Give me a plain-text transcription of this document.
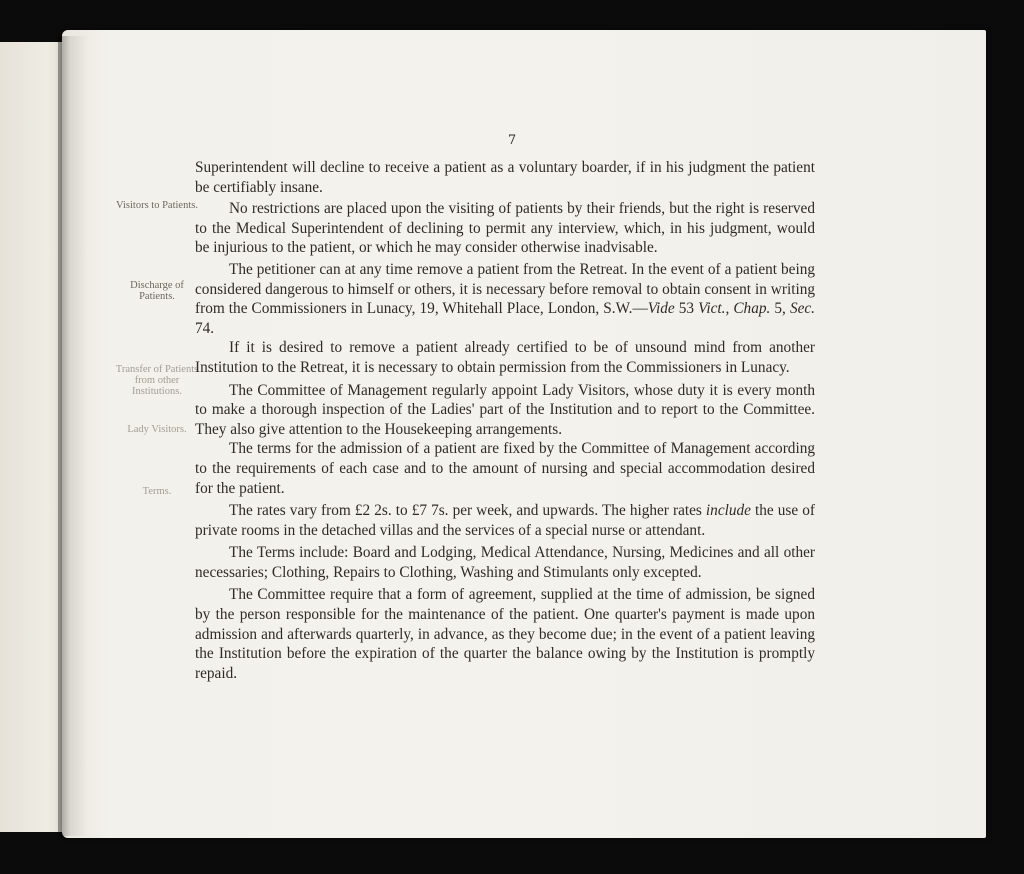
7
Visitors to Patients.
Discharge of Patients.
Transfer of Patients from other Institutions.
Lady Visitors.
Terms.

Superintendent will decline to receive a patient as a voluntary boarder, if in his judgment the patient be certifiably insane.

No restrictions are placed upon the visiting of patients by their friends, but the right is reserved to the Medical Superintendent of declining to permit any interview, which, in his judgment, would be injurious to the patient, or which he may consider otherwise inadvisable.

The petitioner can at any time remove a patient from the Retreat. In the event of a patient being considered dangerous to himself or others, it is necessary before removal to obtain consent in writing from the Commissioners in Lunacy, 19, Whitehall Place, London, S.W.—Vide 53 Vict., Chap. 5, Sec. 74.

If it is desired to remove a patient already certified to be of unsound mind from another Institution to the Retreat, it is necessary to obtain permission from the Commissioners in Lunacy.

The Committee of Management regularly appoint Lady Visitors, whose duty it is every month to make a thorough inspection of the Ladies' part of the Institution and to report to the Committee. They also give attention to the Housekeeping arrangements.

The terms for the admission of a patient are fixed by the Committee of Management according to the requirements of each case and to the amount of nursing and special accommodation desired for the patient.

The rates vary from £2 2s. to £7 7s. per week, and upwards. The higher rates include the use of private rooms in the detached villas and the services of a special nurse or attendant.

The Terms include: Board and Lodging, Medical Attendance, Nursing, Medicines and all other necessaries; Clothing, Repairs to Clothing, Washing and Stimulants only excepted.

The Committee require that a form of agreement, supplied at the time of admission, be signed by the person responsible for the maintenance of the patient. One quarter's payment is made upon admission and afterwards quarterly, in advance, as they become due; in the event of a patient leaving the Institution before the expiration of the quarter the balance owing by the Institution is promptly repaid.
